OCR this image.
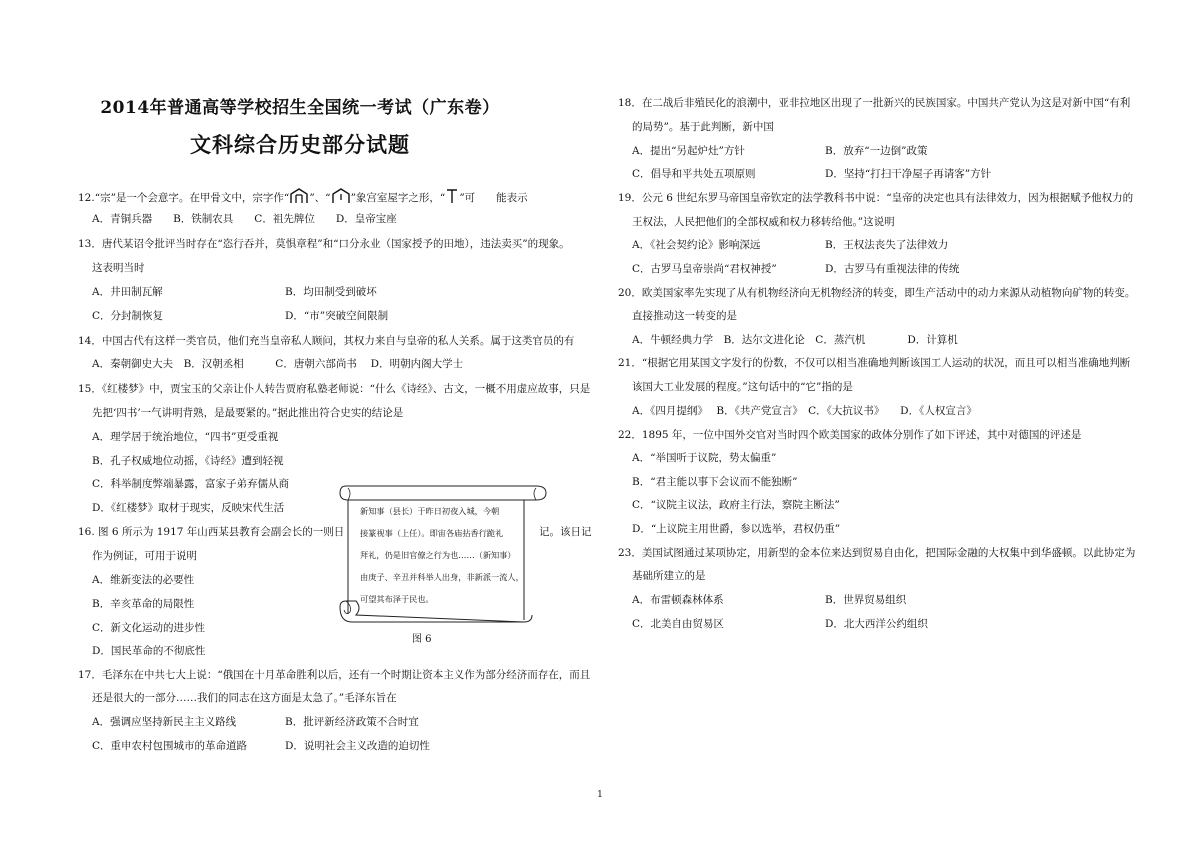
2014年普通高等学校招生全国统一考试（广东卷）
文科综合历史部分试题
12.“宗”是一个会意字。在甲骨文中，宗字作“ ”、“ ”象宫室屋字之形，“ ”可　　能表示
A．青铜兵器　　B．铁制农具　　C．祖先牌位　　D．皇帝宝座
13．唐代某诏令批评当时存在“恣行吞并，莫惧章程”和“口分永业（国家授予的田地），违法卖买”的现象。
这表明当时
A．井田制瓦解	B．均田制受到破坏
C．分封制恢复	D．“市”突破空间限制
14．中国古代有这样一类官员，他们充当皇帝私人顾问，其权力来自与皇帝的私人关系。属于这类官员的有
A．秦朝御史大夫　B．汉朝丞相　　　C．唐朝六部尚书　 D．明朝内阁大学士
15．《红楼梦》中，贾宝玉的父亲让仆人转告贾府私塾老师说：“什么《诗经》、古文，一概不用虚应故事，只是
先把‘四书’一气讲明背熟，是最要紧的。”据此推出符合史实的结论是
A．理学居于统治地位，“四书”更受重视
B．孔子权威地位动摇，《诗经》遭到轻视
C．科举制度弊端暴露，富家子弟弃儒从商
D．《红楼梦》取材于现实，反映宋代生活
16. 图 6 所示为 1917 年山西某县教育会副会长的一则日	记。该日记
作为例证，可用于说明
A．维新变法的必要性
B．辛亥革命的局限性
C．新文化运动的进步性
D．国民革命的不彻底性
新知事（县长）于昨日初夜入城，今朝
接篆视事（上任）。即宙各庙拈香行跪礼
拜礼，仍是旧官僚之行为也……（新知事）
由庚子、辛丑并科举人出身，非新派一流人，
可望其布泽于民也。
图 6
17．毛泽东在中共七大上说：“俄国在十月革命胜利以后，还有一个时期让资本主义作为部分经济而存在，而且
还是很大的一部分……我们的同志在这方面是太急了。”毛泽东旨在
A．强调应坚持新民主主义路线	B．批评新经济政策不合时宜
C．重申农村包围城市的革命道路	D．说明社会主义改造的迫切性
18．在二战后非殖民化的浪潮中，亚非拉地区出现了一批新兴的民族国家。中国共产党认为这是对新中国“有利
的局势”。基于此判断，新中国
A．提出“另起炉灶”方针	B．放弃“一边倒”政策
C．倡导和平共处五项原则	D．坚持“打扫干净屋子再请客”方针
19．公元 6 世纪东罗马帝国皇帝钦定的法学教科书中说：“皇帝的决定也具有法律效力，因为根据赋予他权力的
王权法，人民把他们的全部权威和权力移转给他。”这说明
A．《社会契约论》影响深远	B．王权法丧失了法律效力
C．古罗马皇帝崇尚“君权神授”	D．古罗马有重视法律的传统
20．欧美国家率先实现了从有机物经济向无机物经济的转变，即生产活动中的动力来源从动植物向矿物的转变。
直接推动这一转变的是
A．牛顿经典力学　B．达尔文进化论　C．蒸汽机　　　　D．计算机
21．“根据它用某国文字发行的份数，不仅可以相当准确地判断该国工人运动的状况，而且可以相当准确地判断
该国大工业发展的程度。”这句话中的“它”指的是
A．《四月提纲》　 B．《共产党宣言》　C．《大抗议书》　　D．《人权宣言》
22．1895 年，一位中国外交官对当时四个欧美国家的政体分别作了如下评述，其中对德国的评述是
A．“举国听于议院，势太偏重”
B．“君主能以事下会议而不能独断”
C．“议院主议法，政府主行法，察院主断法”
D．“上议院主用世爵，参以选举，君权仍重”
23．美国试图通过某项协定，用新型的金本位来达到贸易自由化，把国际金融的大权集中到华盛顿。以此协定为
基础所建立的是
A．布雷顿森林体系	B．世界贸易组织
C．北美自由贸易区	D．北大西洋公约组织
1
